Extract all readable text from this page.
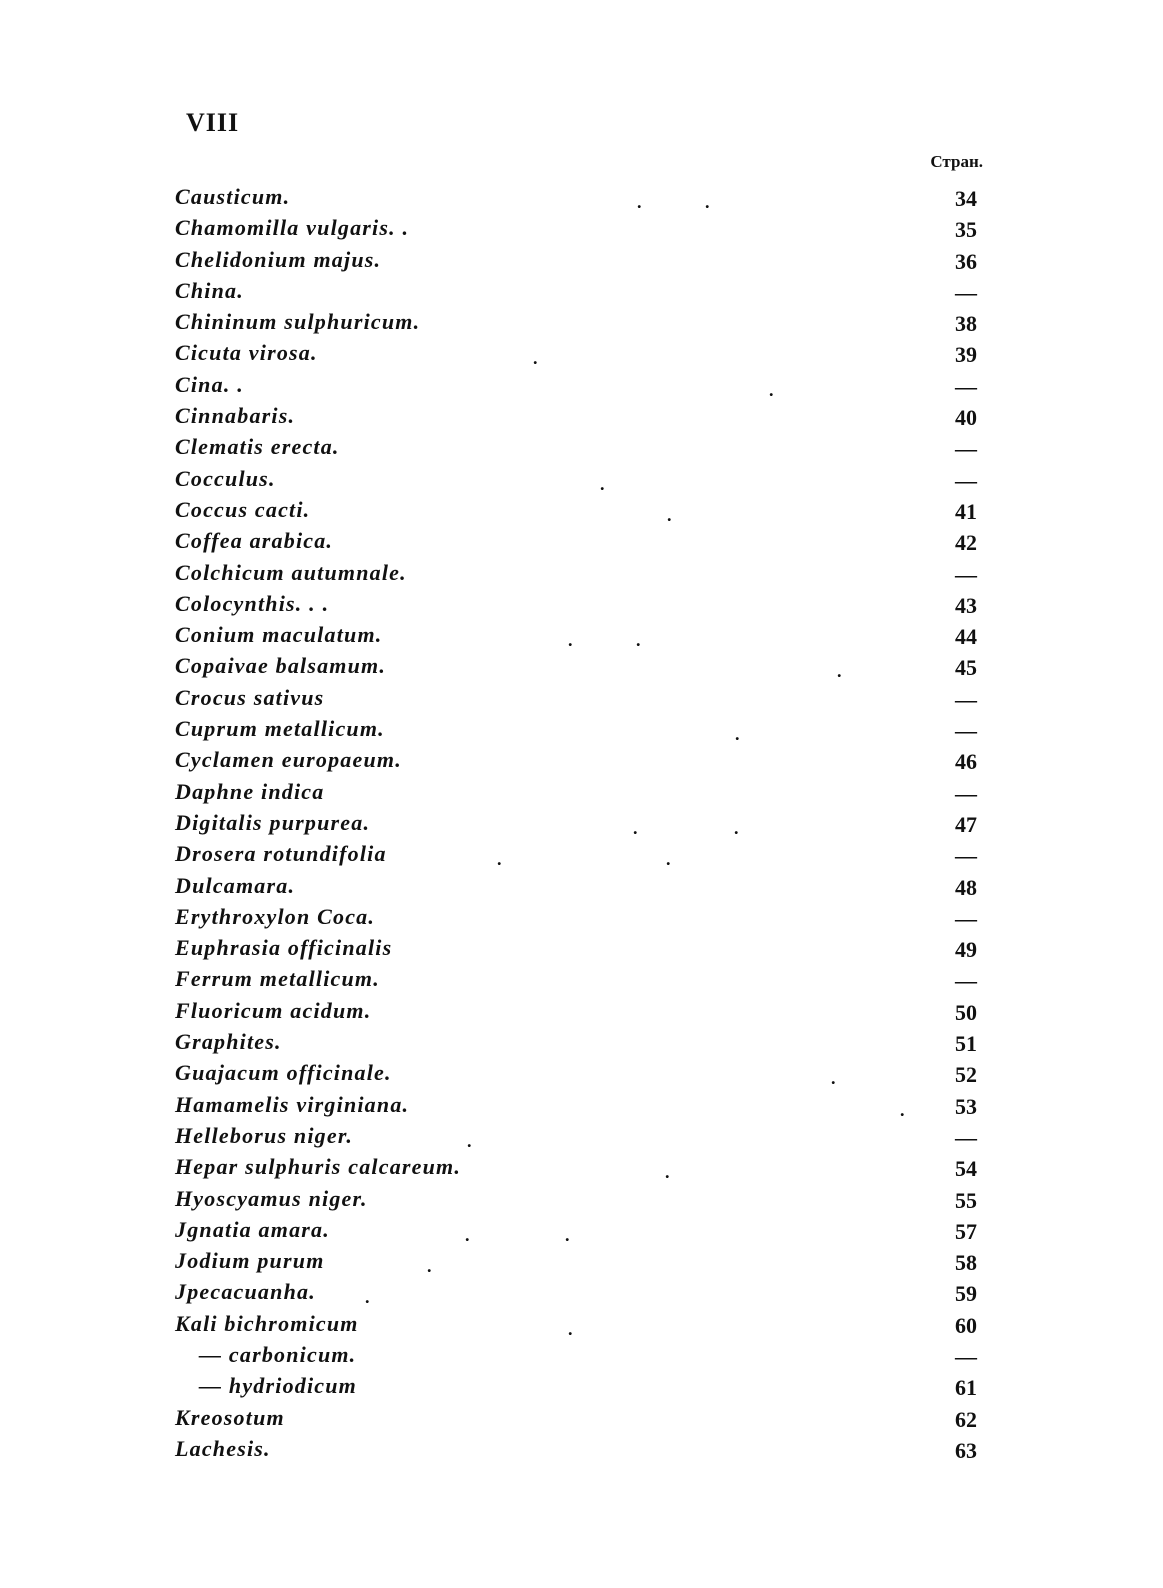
VIII
Стран.
Causticum.	.	.	34
Chamomilla vulgaris. .	35
Chelidonium majus.	36
China.	—
Chininum sulphuricum.	38
Cicuta virosa.	.	39
Cina. .	.	—
Cinnabaris.	40
Clematis erecta.	—
Cocculus.	.	—
Coccus cacti.	.	41
Coffea arabica.	42
Colchicum autumnale.	—
Colocynthis. . .	43
Conium maculatum.	.	.	44
Copaivae balsamum.	.	45
Crocus sativus	—
Cuprum metallicum.	.	—
Cyclamen europaeum.	46
Daphne indica	—
Digitalis purpurea.	.	.	47
Drosera rotundifolia	.	.	—
Dulcamara.	48
Erythroxylon Coca.	—
Euphrasia officinalis	49
Ferrum metallicum.	—
Fluoricum acidum.	50
Graphites.	51
Guajacum officinale.	.	52
Hamamelis virginiana.	.	53
Helleborus niger.	.	—
Hepar sulphuris calcareum.	.	54
Hyoscyamus niger.	55
Jgnatia amara.	.	.	57
Jodium purum	.	58
Jpecacuanha.	.	59
Kali bichromicum	.	60
— carbonicum.	—
— hydriodicum	61
Kreosotum	62
Lachesis.	63
